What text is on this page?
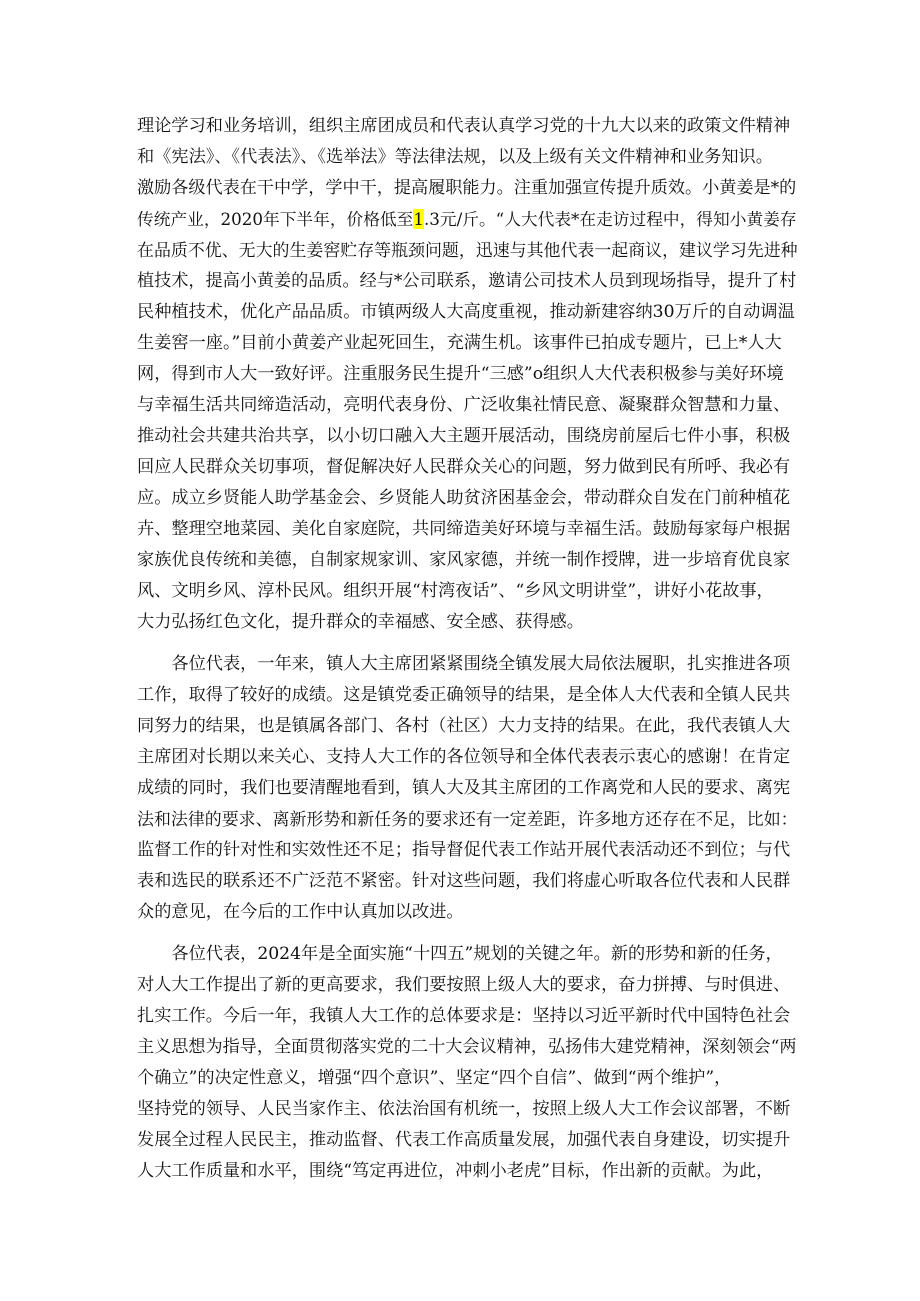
理论学习和业务培训，组织主席团成员和代表认真学习党的十九大以来的政策文件精神
和《宪法》、《代表法》、《选举法》等法律法规，以及上级有关文件精神和业务知识。
激励各级代表在干中学，学中干，提高履职能力。注重加强宣传提升质效。小黄姜是*的
传统产业，2020年下半年，价格低至1.3元/斤。“人大代表*在走访过程中，得知小黄姜存
在品质不优、无大的生姜窖贮存等瓶颈问题，迅速与其他代表一起商议，建议学习先进种
植技术，提高小黄姜的品质。经与*公司联系，邀请公司技术人员到现场指导，提升了村
民种植技术，优化产品品质。市镇两级人大高度重视，推动新建容纳30万斤的自动调温
生姜窖一座。”目前小黄姜产业起死回生，充满生机。该事件已拍成专题片，已上*人大
网，得到市人大一致好评。注重服务民生提升“三感”o组织人大代表积极参与美好环境
与幸福生活共同缔造活动，亮明代表身份、广泛收集社情民意、凝聚群众智慧和力量、
推动社会共建共治共享，以小切口融入大主题开展活动，围绕房前屋后七件小事，积极
回应人民群众关切事项，督促解决好人民群众关心的问题，努力做到民有所呼、我必有
应。成立乡贤能人助学基金会、乡贤能人助贫济困基金会，带动群众自发在门前种植花
卉、整理空地菜园、美化自家庭院，共同缔造美好环境与幸福生活。鼓励每家每户根据
家族优良传统和美德，自制家规家训、家风家德，并统一制作授牌，进一步培育优良家
风、文明乡风、淳朴民风。组织开展“村湾夜话”、“乡风文明讲堂”，讲好小花故事，
大力弘扬红色文化，提升群众的幸福感、安全感、获得感。
　　各位代表，一年来，镇人大主席团紧紧围绕全镇发展大局依法履职，扎实推进各项
工作，取得了较好的成绩。这是镇党委正确领导的结果，是全体人大代表和全镇人民共
同努力的结果，也是镇属各部门、各村（社区）大力支持的结果。在此，我代表镇人大
主席团对长期以来关心、支持人大工作的各位领导和全体代表表示衷心的感谢！在肯定
成绩的同时，我们也要清醒地看到，镇人大及其主席团的工作离党和人民的要求、离宪
法和法律的要求、离新形势和新任务的要求还有一定差距，许多地方还存在不足，比如：
监督工作的针对性和实效性还不足；指导督促代表工作站开展代表活动还不到位；与代
表和选民的联系还不广泛范不紧密。针对这些问题，我们将虚心听取各位代表和人民群
众的意见，在今后的工作中认真加以改进。
　　各位代表，2024年是全面实施“十四五”规划的关键之年。新的形势和新的任务，
对人大工作提出了新的更高要求，我们要按照上级人大的要求，奋力拼搏、与时俱进、
扎实工作。今后一年，我镇人大工作的总体要求是：坚持以习近平新时代中国特色社会
主义思想为指导，全面贯彻落实党的二十大会议精神，弘扬伟大建党精神，深刻领会“两
个确立”的决定性意义，增强“四个意识”、坚定“四个自信”、做到“两个维护”，
坚持党的领导、人民当家作主、依法治国有机统一，按照上级人大工作会议部署，不断
发展全过程人民民主，推动监督、代表工作高质量发展，加强代表自身建设，切实提升
人大工作质量和水平，围绕“笃定再进位，冲刺小老虎”目标，作出新的贡献。为此，
